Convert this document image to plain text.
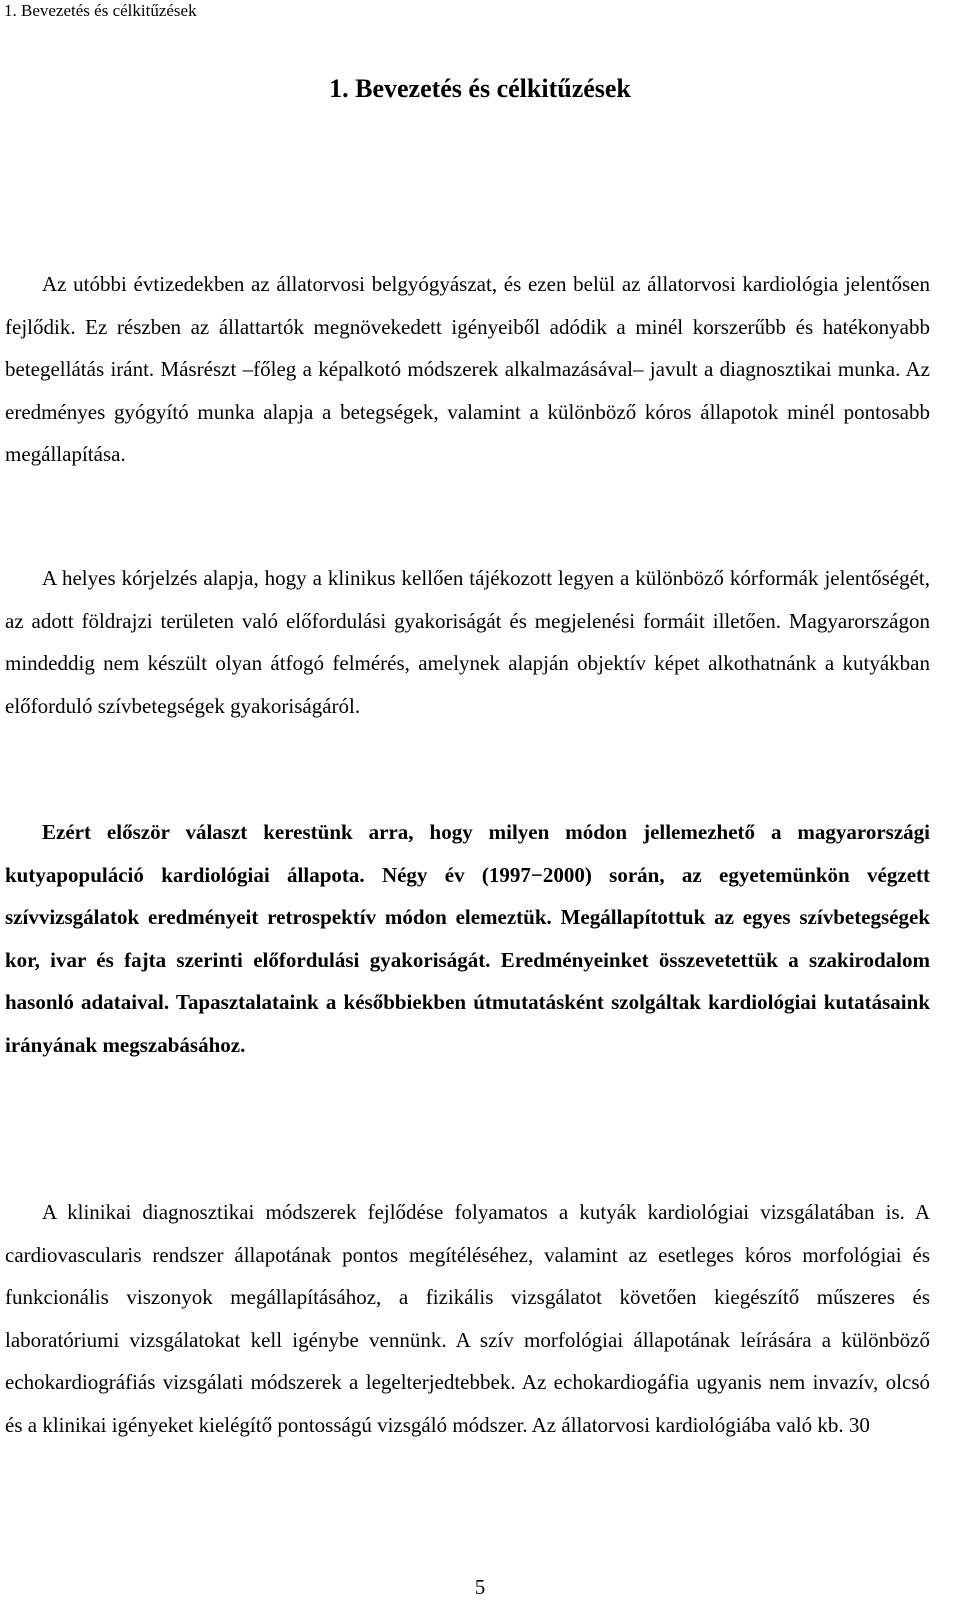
1. Bevezetés és célkitűzések
1. Bevezetés és célkitűzések

Az utóbbi évtizedekben az állatorvosi belgyógyászat, és ezen belül az állatorvosi kardiológia jelentősen fejlődik. Ez részben az állattartók megnövekedett igényeiből adódik a minél korszerűbb és hatékonyabb betegellátás iránt. Másrészt –főleg a képalkotó módszerek alkalmazásával– javult a diagnosztikai munka. Az eredményes gyógyító munka alapja a betegségek, valamint a különböző kóros állapotok minél pontosabb megállapítása.

A helyes kórjelzés alapja, hogy a klinikus kellően tájékozott legyen a különböző kórformák jelentőségét, az adott földrajzi területen való előfordulási gyakoriságát és megjelenési formáit illetően. Magyarországon mindeddig nem készült olyan átfogó felmérés, amelynek alapján objektív képet alkothatnánk a kutyákban előforduló szívbetegségek gyakoriságáról.

Ezért először választ kerestünk arra, hogy milyen módon jellemezhető a magyarországi kutyapopuláció kardiológiai állapota. Négy év (1997−2000) során, az egyetemünkön végzett szívvizsgálatok eredményeit retrospektív módon elemeztük. Megállapítottuk az egyes szívbetegségek kor, ivar és fajta szerinti előfordulási gyakoriságát. Eredményeinket összevetettük a szakirodalom hasonló adataival. Tapasztalataink a későbbiekben útmutatásként szolgáltak kardiológiai kutatásaink irányának megszabásához.

A klinikai diagnosztikai módszerek fejlődése folyamatos a kutyák kardiológiai vizsgálatában is. A cardiovascularis rendszer állapotának pontos megítéléséhez, valamint az esetleges kóros morfológiai és funkcionális viszonyok megállapításához, a fizikális vizsgálatot követően kiegészítő műszeres és laboratóriumi vizsgálatokat kell igénybe vennünk. A szív morfológiai állapotának leírására a különböző echokardiográfiás vizsgálati módszerek a legelterjedtebbek. Az echokardiogáfia ugyanis nem invazív, olcsó és a klinikai igényeket kielégítő pontosságú vizsgáló módszer. Az állatorvosi kardiológiába való kb. 30

5
